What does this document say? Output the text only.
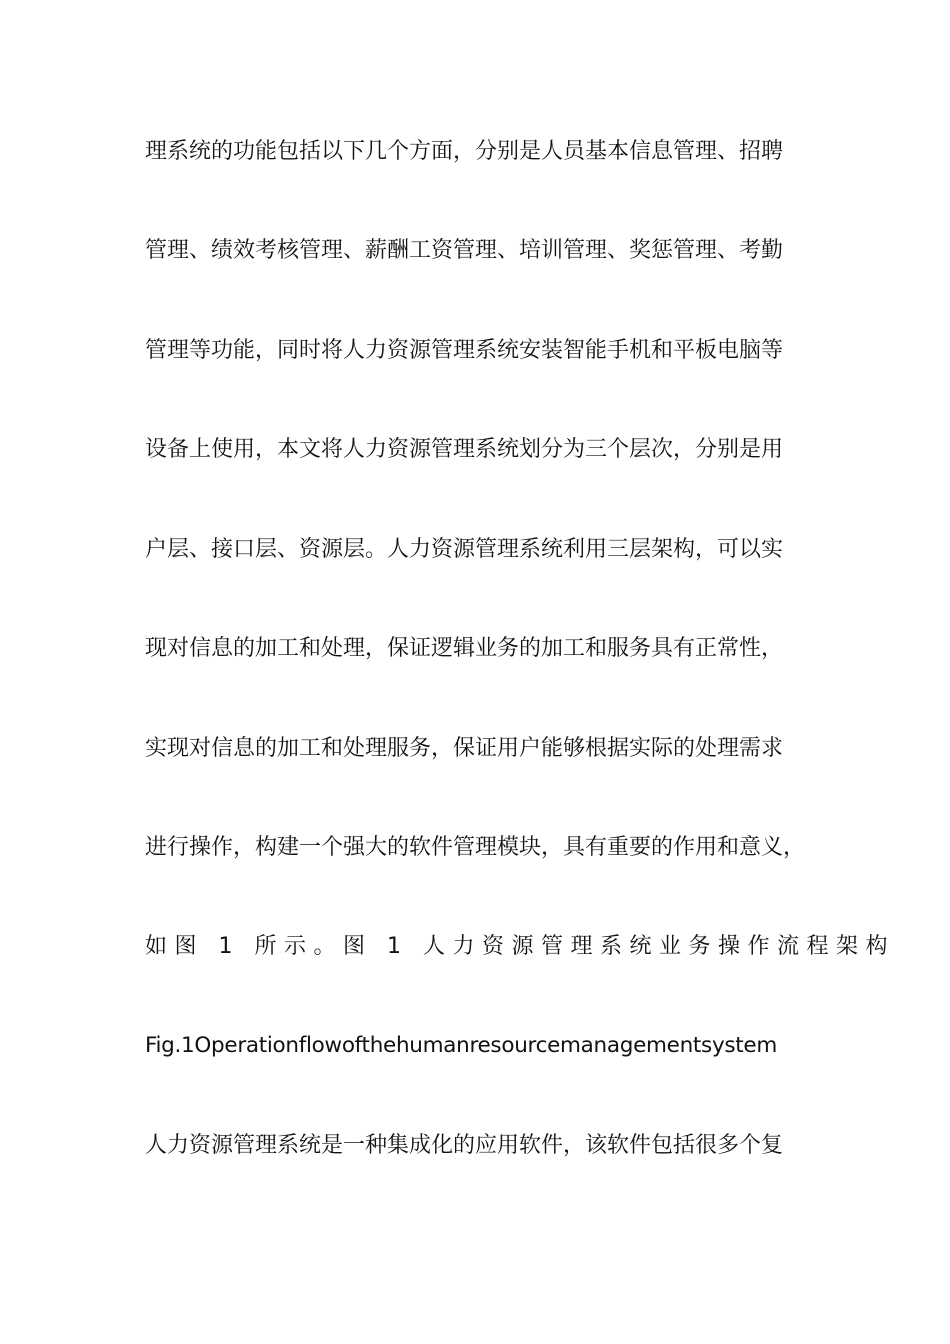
理系统的功能包括以下几个方面，分别是人员基本信息管理、招聘
管理、绩效考核管理、薪酬工资管理、培训管理、奖惩管理、考勤
管理等功能，同时将人力资源管理系统安装智能手机和平板电脑等
设备上使用，本文将人力资源管理系统划分为三个层次，分别是用
户层、接口层、资源层。人力资源管理系统利用三层架构，可以实
现对信息的加工和处理，保证逻辑业务的加工和服务具有正常性，
实现对信息的加工和处理服务，保证用户能够根据实际的处理需求
进行操作，构建一个强大的软件管理模块，具有重要的作用和意义，
如图 1 所示。图 1 人力资源管理系统业务操作流程架构
Fig.1Operationflowofthehumanresourcemanagementsystem
人力资源管理系统是一种集成化的应用软件，该软件包括很多个复
